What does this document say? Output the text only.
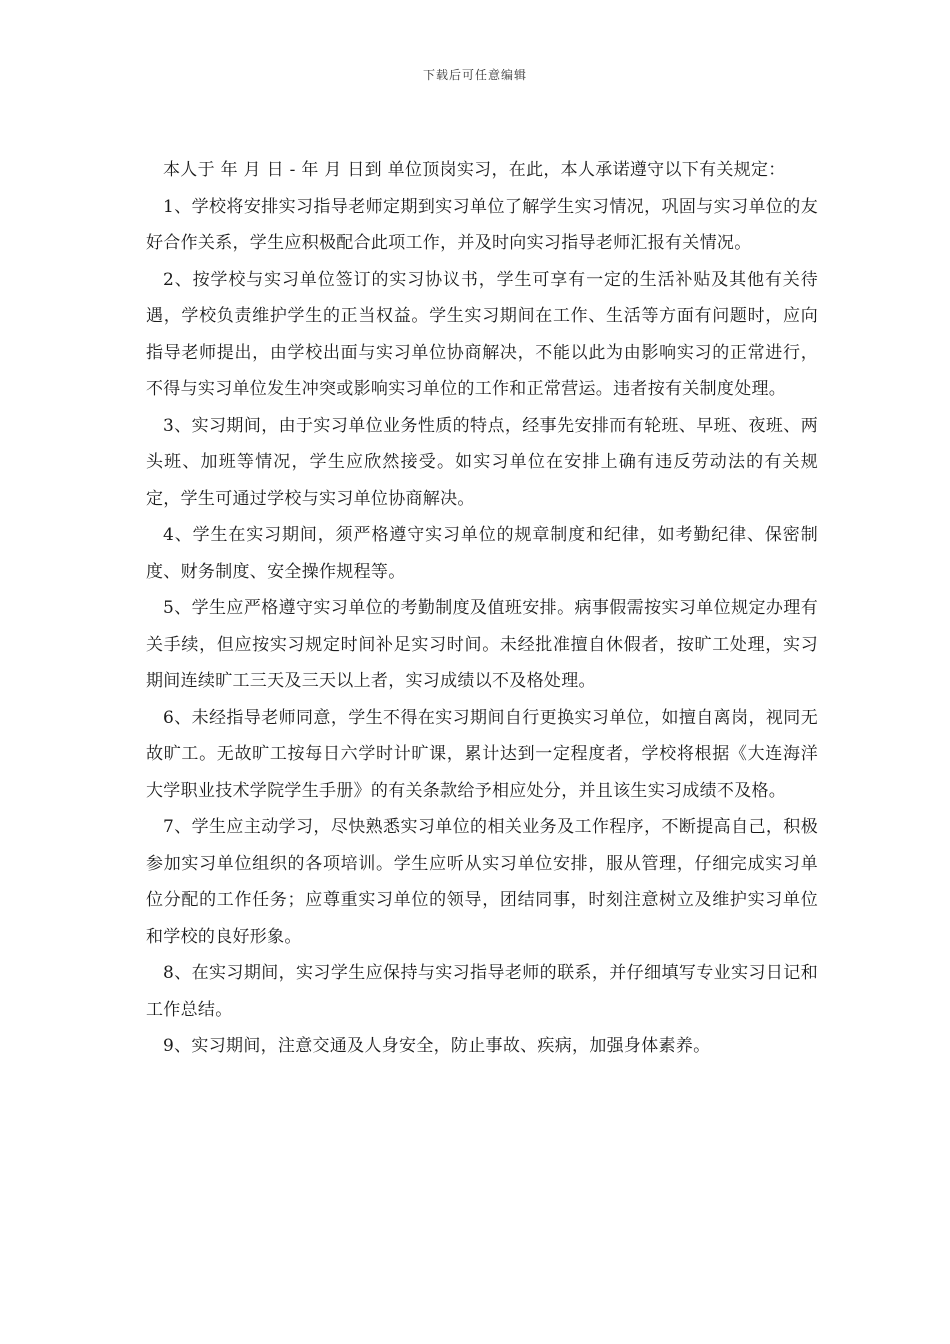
下载后可任意编辑

本人于 年 月 日 - 年 月 日到 单位顶岗实习，在此，本人承诺遵守以下有关规定：

1、学校将安排实习指导老师定期到实习单位了解学生实习情况，巩固与实习单位的友好合作关系，学生应积极配合此项工作，并及时向实习指导老师汇报有关情况。

2、按学校与实习单位签订的实习协议书，学生可享有一定的生活补贴及其他有关待遇，学校负责维护学生的正当权益。学生实习期间在工作、生活等方面有问题时，应向指导老师提出，由学校出面与实习单位协商解决，不能以此为由影响实习的正常进行，不得与实习单位发生冲突或影响实习单位的工作和正常营运。违者按有关制度处理。

3、实习期间，由于实习单位业务性质的特点，经事先安排而有轮班、早班、夜班、两头班、加班等情况，学生应欣然接受。如实习单位在安排上确有违反劳动法的有关规定，学生可通过学校与实习单位协商解决。

4、学生在实习期间，须严格遵守实习单位的规章制度和纪律，如考勤纪律、保密制度、财务制度、安全操作规程等。

5、学生应严格遵守实习单位的考勤制度及值班安排。病事假需按实习单位规定办理有关手续，但应按实习规定时间补足实习时间。未经批准擅自休假者，按旷工处理，实习期间连续旷工三天及三天以上者，实习成绩以不及格处理。

6、未经指导老师同意，学生不得在实习期间自行更换实习单位，如擅自离岗，视同无故旷工。无故旷工按每日六学时计旷课，累计达到一定程度者，学校将根据《大连海洋大学职业技术学院学生手册》的有关条款给予相应处分，并且该生实习成绩不及格。

7、学生应主动学习，尽快熟悉实习单位的相关业务及工作程序，不断提高自己，积极参加实习单位组织的各项培训。学生应听从实习单位安排，服从管理，仔细完成实习单位分配的工作任务；应尊重实习单位的领导，团结同事，时刻注意树立及维护实习单位和学校的良好形象。

8、在实习期间，实习学生应保持与实习指导老师的联系，并仔细填写专业实习日记和工作总结。

9、实习期间，注意交通及人身安全，防止事故、疾病，加强身体素养。
